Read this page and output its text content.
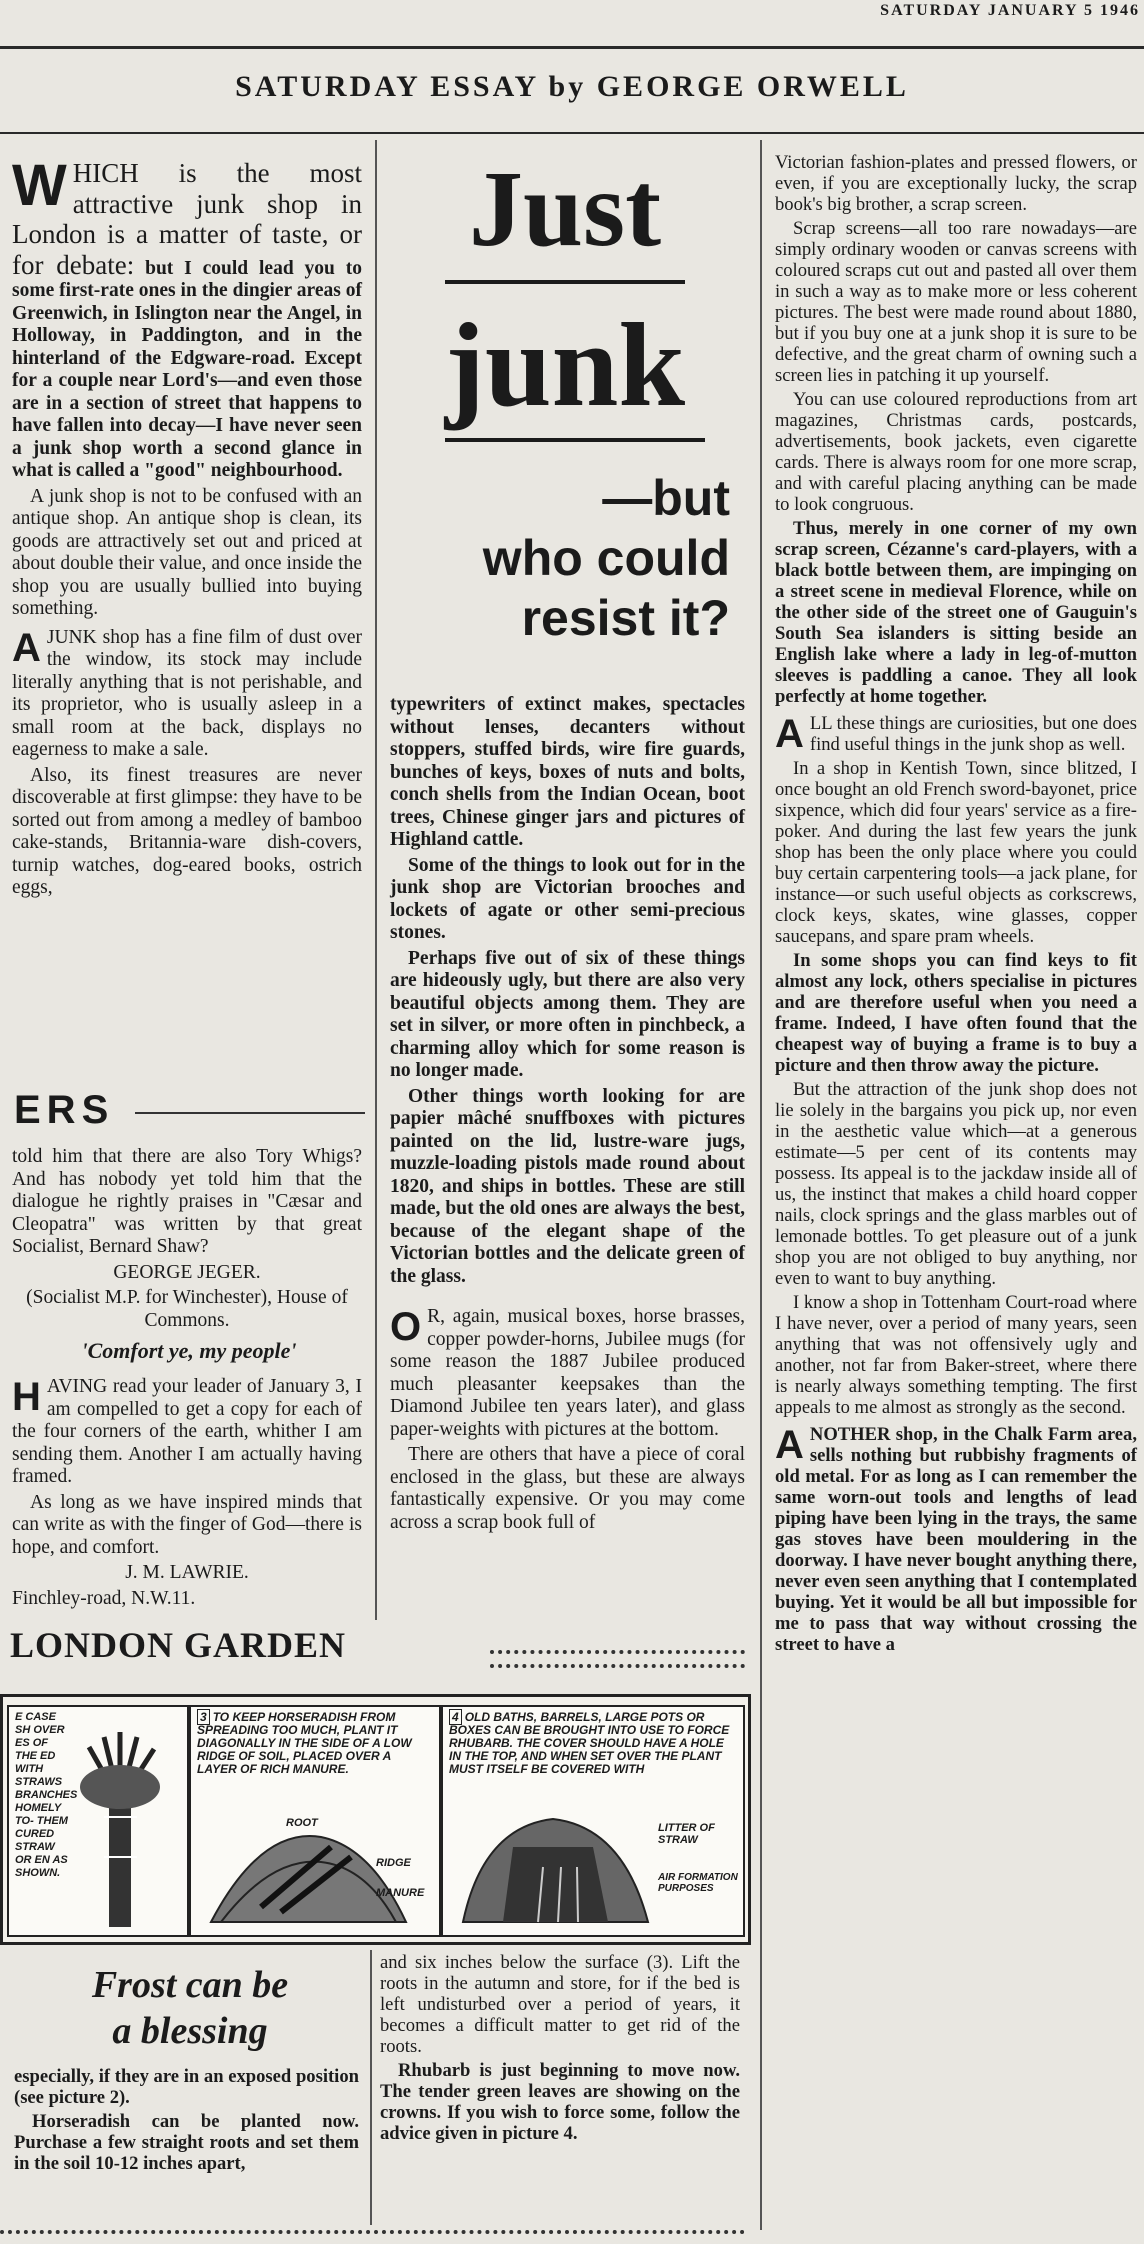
SATURDAY JANUARY 5 1946
SATURDAY ESSAY by GEORGE ORWELL

WHICH is the most attractive junk shop in London is a matter of taste, or for debate: but I could lead you to some first-rate ones in the dingier areas of Greenwich, in Islington near the Angel, in Holloway, in Paddington, and in the hinterland of the Edgware-road. Except for a couple near Lord's—and even those are in a section of street that happens to have fallen into decay—I have never seen a junk shop worth a second glance in what is called a "good" neighbourhood.

A junk shop is not to be confused with an antique shop. An antique shop is clean, its goods are attractively set out and priced at about double their value, and once inside the shop you are usually bullied into buying something.

AJUNK shop has a fine film of dust over the window, its stock may include literally anything that is not perishable, and its proprietor, who is usually asleep in a small room at the back, displays no eagerness to make a sale.

Also, its finest treasures are never discoverable at first glimpse: they have to be sorted out from among a medley of bamboo cake-stands, Britannia-ware dish-covers, turnip watches, dog-eared books, ostrich eggs,

ERS

told him that there are also Tory Whigs? And has nobody yet told him that the dialogue he rightly praises in "Cæsar and Cleopatra" was written by that great Socialist, Bernard Shaw?

GEORGE JEGER.

(Socialist M.P. for Winchester), House of Commons.

'Comfort ye, my people'

HAVING read your leader of January 3, I am compelled to get a copy for each of the four corners of the earth, whither I am sending them. Another I am actually having framed.

As long as we have inspired minds that can write as with the finger of God—there is hope, and comfort.

J. M. LAWRIE.

Finchley-road, N.W.11.

Just
junk
—but
who could
resist it?

typewriters of extinct makes, spectacles without lenses, decanters without stoppers, stuffed birds, wire fire guards, bunches of keys, boxes of nuts and bolts, conch shells from the Indian Ocean, boot trees, Chinese ginger jars and pictures of Highland cattle.

Some of the things to look out for in the junk shop are Victorian brooches and lockets of agate or other semi-precious stones.

Perhaps five out of six of these things are hideously ugly, but there are also very beautiful objects among them. They are set in silver, or more often in pinchbeck, a charming alloy which for some reason is no longer made.

Other things worth looking for are papier mâché snuffboxes with pictures painted on the lid, lustre-ware jugs, muzzle-loading pistols made round about 1820, and ships in bottles. These are still made, but the old ones are always the best, because of the elegant shape of the Victorian bottles and the delicate green of the glass.

O R, again, musical boxes, horse brasses, copper powder-horns, Jubilee mugs (for some reason the 1887 Jubilee produced much pleasanter keepsakes than the Diamond Jubilee ten years later), and glass paper-weights with pictures at the bottom.

There are others that have a piece of coral enclosed in the glass, but these are always fantastically expensive. Or you may come across a scrap book full of

Victorian fashion-plates and pressed flowers, or even, if you are exceptionally lucky, the scrap book's big brother, a scrap screen.

Scrap screens—all too rare nowadays—are simply ordinary wooden or canvas screens with coloured scraps cut out and pasted all over them in such a way as to make more or less coherent pictures. The best were made round about 1880, but if you buy one at a junk shop it is sure to be defective, and the great charm of owning such a screen lies in patching it up yourself.

You can use coloured reproductions from art magazines, Christmas cards, postcards, advertisements, book jackets, even cigarette cards. There is always room for one more scrap, and with careful placing anything can be made to look congruous.

Thus, merely in one corner of my own scrap screen, Cézanne's card-players, with a black bottle between them, are impinging on a street scene in medieval Florence, while on the other side of the street one of Gauguin's South Sea islanders is sitting beside an English lake where a lady in leg-of-mutton sleeves is paddling a canoe. They all look perfectly at home together.

ALL these things are curiosities, but one does find useful things in the junk shop as well.

In a shop in Kentish Town, since blitzed, I once bought an old French sword-bayonet, price sixpence, which did four years' service as a fire-poker. And during the last few years the junk shop has been the only place where you could buy certain carpentering tools—a jack plane, for instance—or such useful objects as corkscrews, clock keys, skates, wine glasses, copper saucepans, and spare pram wheels.

In some shops you can find keys to fit almost any lock, others specialise in pictures and are therefore useful when you need a frame. Indeed, I have often found that the cheapest way of buying a frame is to buy a picture and then throw away the picture.

But the attraction of the junk shop does not lie solely in the bargains you pick up, nor even in the aesthetic value which—at a generous estimate—5 per cent of its contents may possess. Its appeal is to the jackdaw inside all of us, the instinct that makes a child hoard copper nails, clock springs and the glass marbles out of lemonade bottles. To get pleasure out of a junk shop you are not obliged to buy anything, nor even to want to buy anything.

I know a shop in Tottenham Court-road where I have never, over a period of many years, seen anything that was not offensively ugly and another, not far from Baker-street, where there is nearly always something tempting. The first appeals to me almost as strongly as the second.

ANOTHER shop, in the Chalk Farm area, sells nothing but rubbishy fragments of old metal. For as long as I can remember the same worn-out tools and lengths of lead piping have been lying in the trays, the same gas stoves have been mouldering in the doorway. I have never bought anything there, never even seen anything that I contemplated buying. Yet it would be all but impossible for me to pass that way without crossing the street to have a

LONDON GARDEN
E CASE SH OVER ES OF THE ED WITH STRAWS BRANCHES HOMELY TO- THEM CURED STRAW OR EN AS SHOWN.
3 TO KEEP HORSERADISH FROM SPREADING TOO MUCH, PLANT IT DIAGONALLY IN THE SIDE OF A LOW RIDGE OF SOIL, PLACED OVER A LAYER OF RICH MANURE.
ROOT
RIDGE
MANURE
4 OLD BATHS, BARRELS, LARGE POTS OR BOXES CAN BE BROUGHT INTO USE TO FORCE RHUBARB. THE COVER SHOULD HAVE A HOLE IN THE TOP, AND WHEN SET OVER THE PLANT MUST ITSELF BE COVERED WITH
LITTER OF STRAW
AIR FORMATION PURPOSES
Frost can be
a blessing

especially, if they are in an exposed position (see picture 2).

Horseradish can be planted now. Purchase a few straight roots and set them in the soil 10-12 inches apart,

and six inches below the surface (3). Lift the roots in the autumn and store, for if the bed is left undisturbed over a period of years, it becomes a difficult matter to get rid of the roots.

Rhubarb is just beginning to move now. The tender green leaves are showing on the crowns. If you wish to force some, follow the advice given in picture 4.
